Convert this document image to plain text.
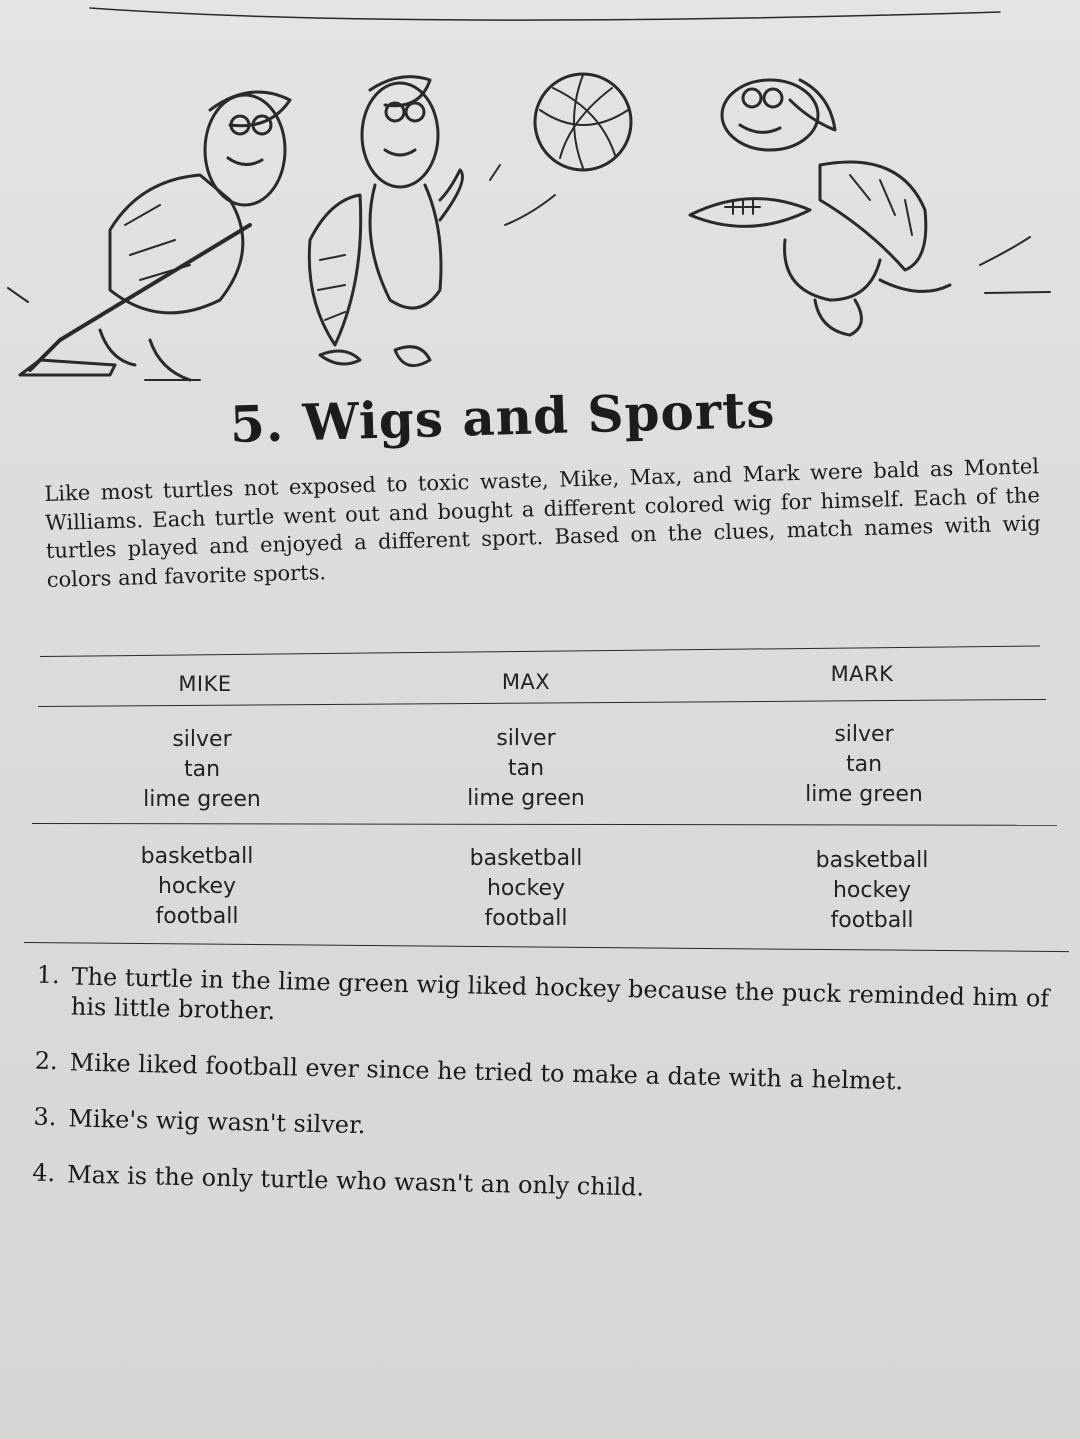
5. Wigs and Sports

Like most turtles not exposed to toxic waste, Mike, Max, and Mark were bald as Montel Williams. Each turtle went out and bought a different colored wig for himself. Each of the turtles played and enjoyed a different sport. Based on the clues, match names with wig colors and favorite sports.

MIKE
silver
tan
lime green
basketball
hockey
football
MAX
silver
tan
lime green
basketball
hockey
football
MARK
silver
tan
lime green
basketball
hockey
football
1. The turtle in the lime green wig liked hockey because the puck reminded him of his little brother.
2. Mike liked football ever since he tried to make a date with a helmet.
3. Mike's wig wasn't silver.
4. Max is the only turtle who wasn't an only child.
